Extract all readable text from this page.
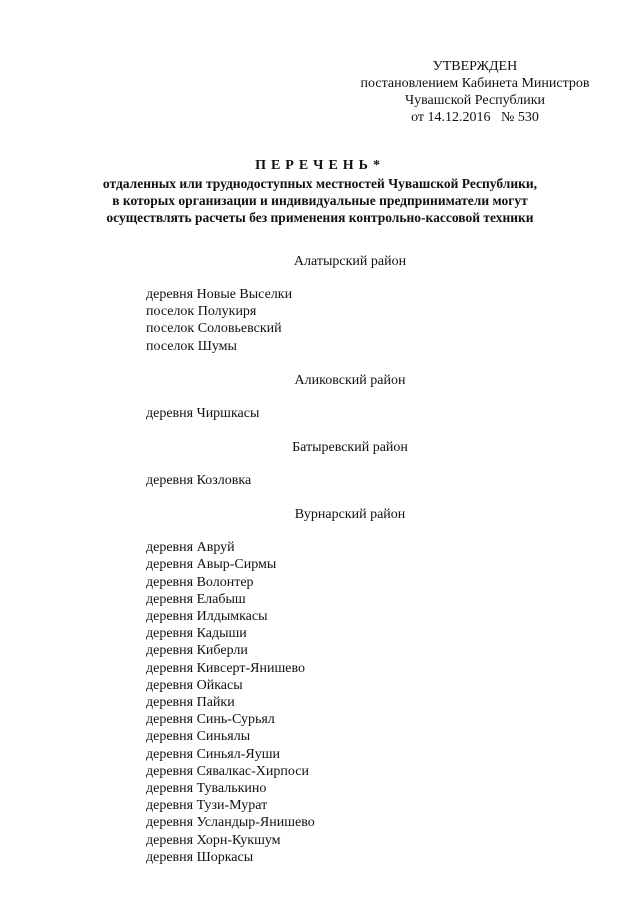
УТВЕРЖДЕН
постановлением Кабинета Министров
Чувашской Республики
от 14.12.2016   № 530
ПЕРЕЧЕНЬ*
отдаленных или труднодоступных местностей Чувашской Республики,
в которых организации и индивидуальные предприниматели могут
осуществлять расчеты без применения контрольно-кассовой техники
Алатырский район
деревня Новые Выселки
поселок Полукиря
поселок Соловьевский
поселок Шумы
Аликовский район
деревня Чиршкасы
Батыревский район
деревня Козловка
Вурнарский район
деревня Авруй
деревня Авыр-Сирмы
деревня Волонтер
деревня Елабыш
деревня Илдымкасы
деревня Кадыши
деревня Киберли
деревня Кивсерт-Янишево
деревня Ойкасы
деревня Пайки
деревня Синь-Сурьял
деревня Синьялы
деревня Синьял-Яуши
деревня Сявалкас-Хирпоси
деревня Тувалькино
деревня Тузи-Мурат
деревня Усландыр-Янишево
деревня Хорн-Кукшум
деревня Шоркасы
